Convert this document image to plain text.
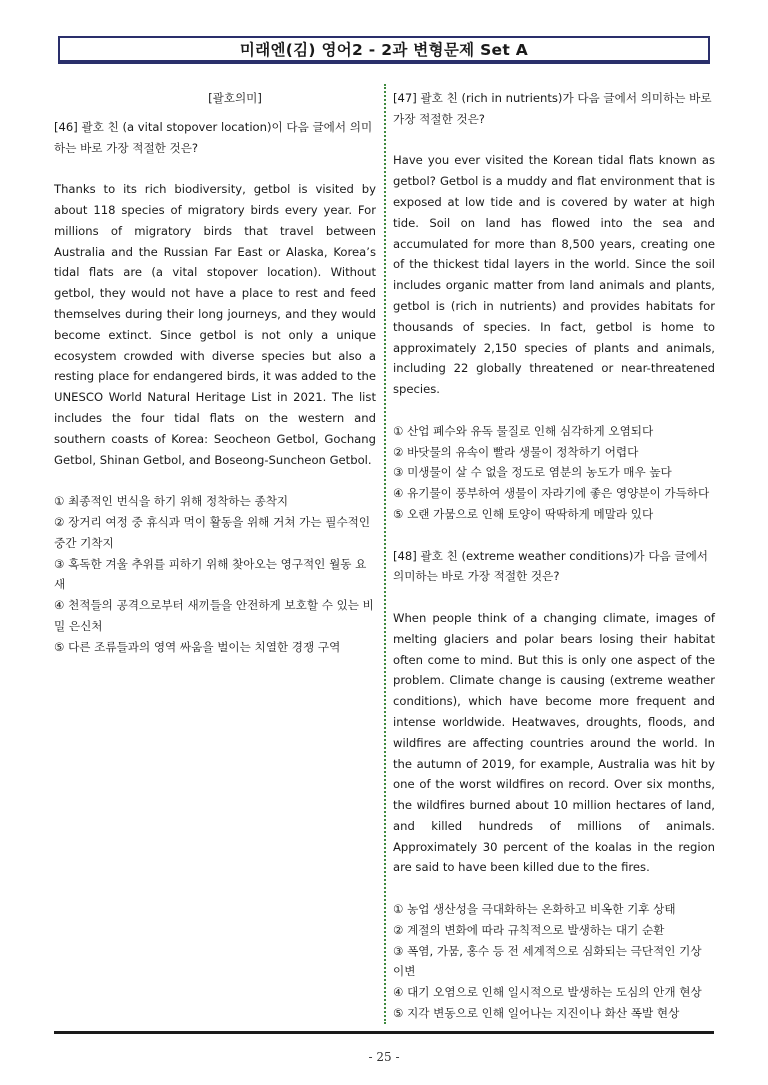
미래엔(김) 영어2 - 2과 변형문제 Set A
[괄호의미]

[46] 괄호 친 (a vital stopover location)이 다음 글에서 의미하는 바로 가장 적절한 것은?

Thanks to its rich biodiversity, getbol is visited by about 118 species of migratory birds every year. For millions of migratory birds that travel between Australia and the Russian Far East or Alaska, Korea’s tidal flats are (a vital stopover location). Without getbol, they would not have a place to rest and feed themselves during their long journeys, and they would become extinct. Since getbol is not only a unique ecosystem crowded with diverse species but also a resting place for endangered birds, it was added to the UNESCO World Natural Heritage List in 2021. The list includes the four tidal flats on the western and southern coasts of Korea: Seocheon Getbol, Gochang Getbol, Shinan Getbol, and Boseong-Suncheon Getbol.

① 최종적인 번식을 하기 위해 정착하는 종착지
② 장거리 여정 중 휴식과 먹이 활동을 위해 거쳐 가는 필수적인 중간 기착지
③ 혹독한 겨울 추위를 피하기 위해 찾아오는 영구적인 월동 요새
④ 천적들의 공격으로부터 새끼들을 안전하게 보호할 수 있는 비밀 은신처
⑤ 다른 조류들과의 영역 싸움을 벌이는 치열한 경쟁 구역

[47] 괄호 친 (rich in nutrients)가 다음 글에서 의미하는 바로 가장 적절한 것은?

Have you ever visited the Korean tidal flats known as getbol? Getbol is a muddy and flat environment that is exposed at low tide and is covered by water at high tide. Soil on land has flowed into the sea and accumulated for more than 8,500 years, creating one of the thickest tidal layers in the world. Since the soil includes organic matter from land animals and plants, getbol is (rich in nutrients) and provides habitats for thousands of species. In fact, getbol is home to approximately 2,150 species of plants and animals, including 22 globally threatened or near-threatened species.

① 산업 폐수와 유독 물질로 인해 심각하게 오염되다
② 바닷물의 유속이 빨라 생물이 정착하기 어렵다
③ 미생물이 살 수 없을 정도로 염분의 농도가 매우 높다
④ 유기물이 풍부하여 생물이 자라기에 좋은 영양분이 가득하다
⑤ 오랜 가뭄으로 인해 토양이 딱딱하게 메말라 있다

[48] 괄호 친 (extreme weather conditions)가 다음 글에서 의미하는 바로 가장 적절한 것은?

When people think of a changing climate, images of melting glaciers and polar bears losing their habitat often come to mind. But this is only one aspect of the problem. Climate change is causing (extreme weather conditions), which have become more frequent and intense worldwide. Heatwaves, droughts, floods, and wildfires are affecting countries around the world. In the autumn of 2019, for example, Australia was hit by one of the worst wildfires on record. Over six months, the wildfires burned about 10 million hectares of land, and killed hundreds of millions of animals. Approximately 30 percent of the koalas in the region are said to have been killed due to the fires.

① 농업 생산성을 극대화하는 온화하고 비옥한 기후 상태
② 계절의 변화에 따라 규칙적으로 발생하는 대기 순환
③ 폭염, 가뭄, 홍수 등 전 세계적으로 심화되는 극단적인 기상 이변
④ 대기 오염으로 인해 일시적으로 발생하는 도심의 안개 현상
⑤ 지각 변동으로 인해 일어나는 지진이나 화산 폭발 현상
- 25 -
